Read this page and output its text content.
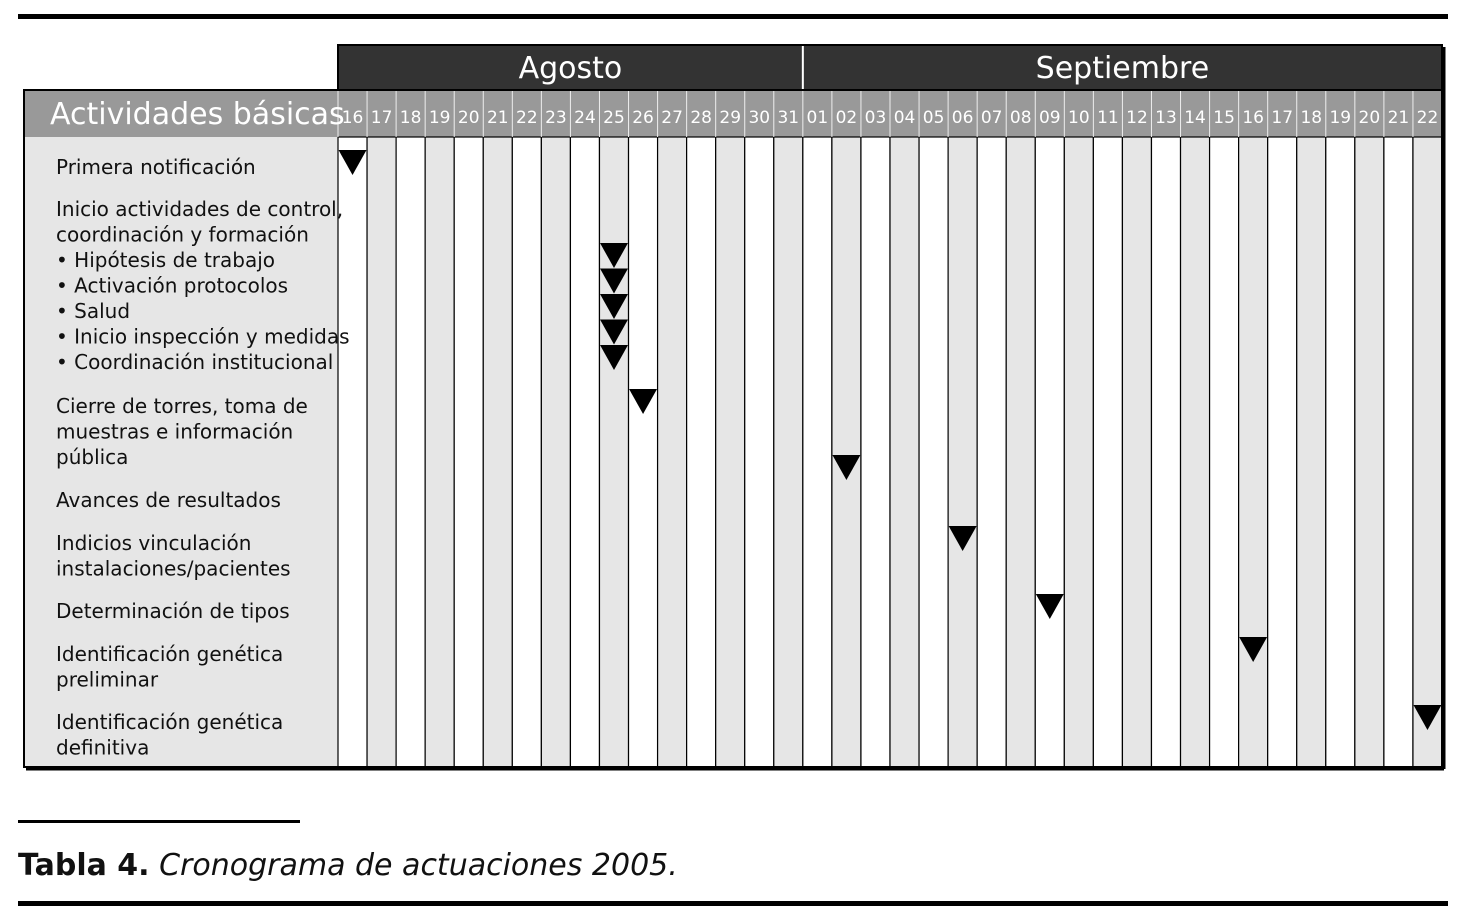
16 17 18 19 20 21 22 23 24 25 26 27 28 29 30 31 01 02 03 04 05 06 07 08 09 10 11 12 13 14 15 16 17 18 19 20 21 22
Agosto	Septiembre
Actividades básicas
Primera notificación
Inicio actividades de control,
coordinación y formación
• Hipótesis de trabajo
• Activación protocolos
• Salud
• Inicio inspección y medidas
• Coordinación institucional
Cierre de torres, toma de
muestras e información
pública
Avances de resultados
Indicios vinculación
instalaciones/pacientes
Determinación de tipos
Identificación genética
preliminar
Identificación genética
definitiva
Tabla 4. Cronograma de actuaciones 2005.
